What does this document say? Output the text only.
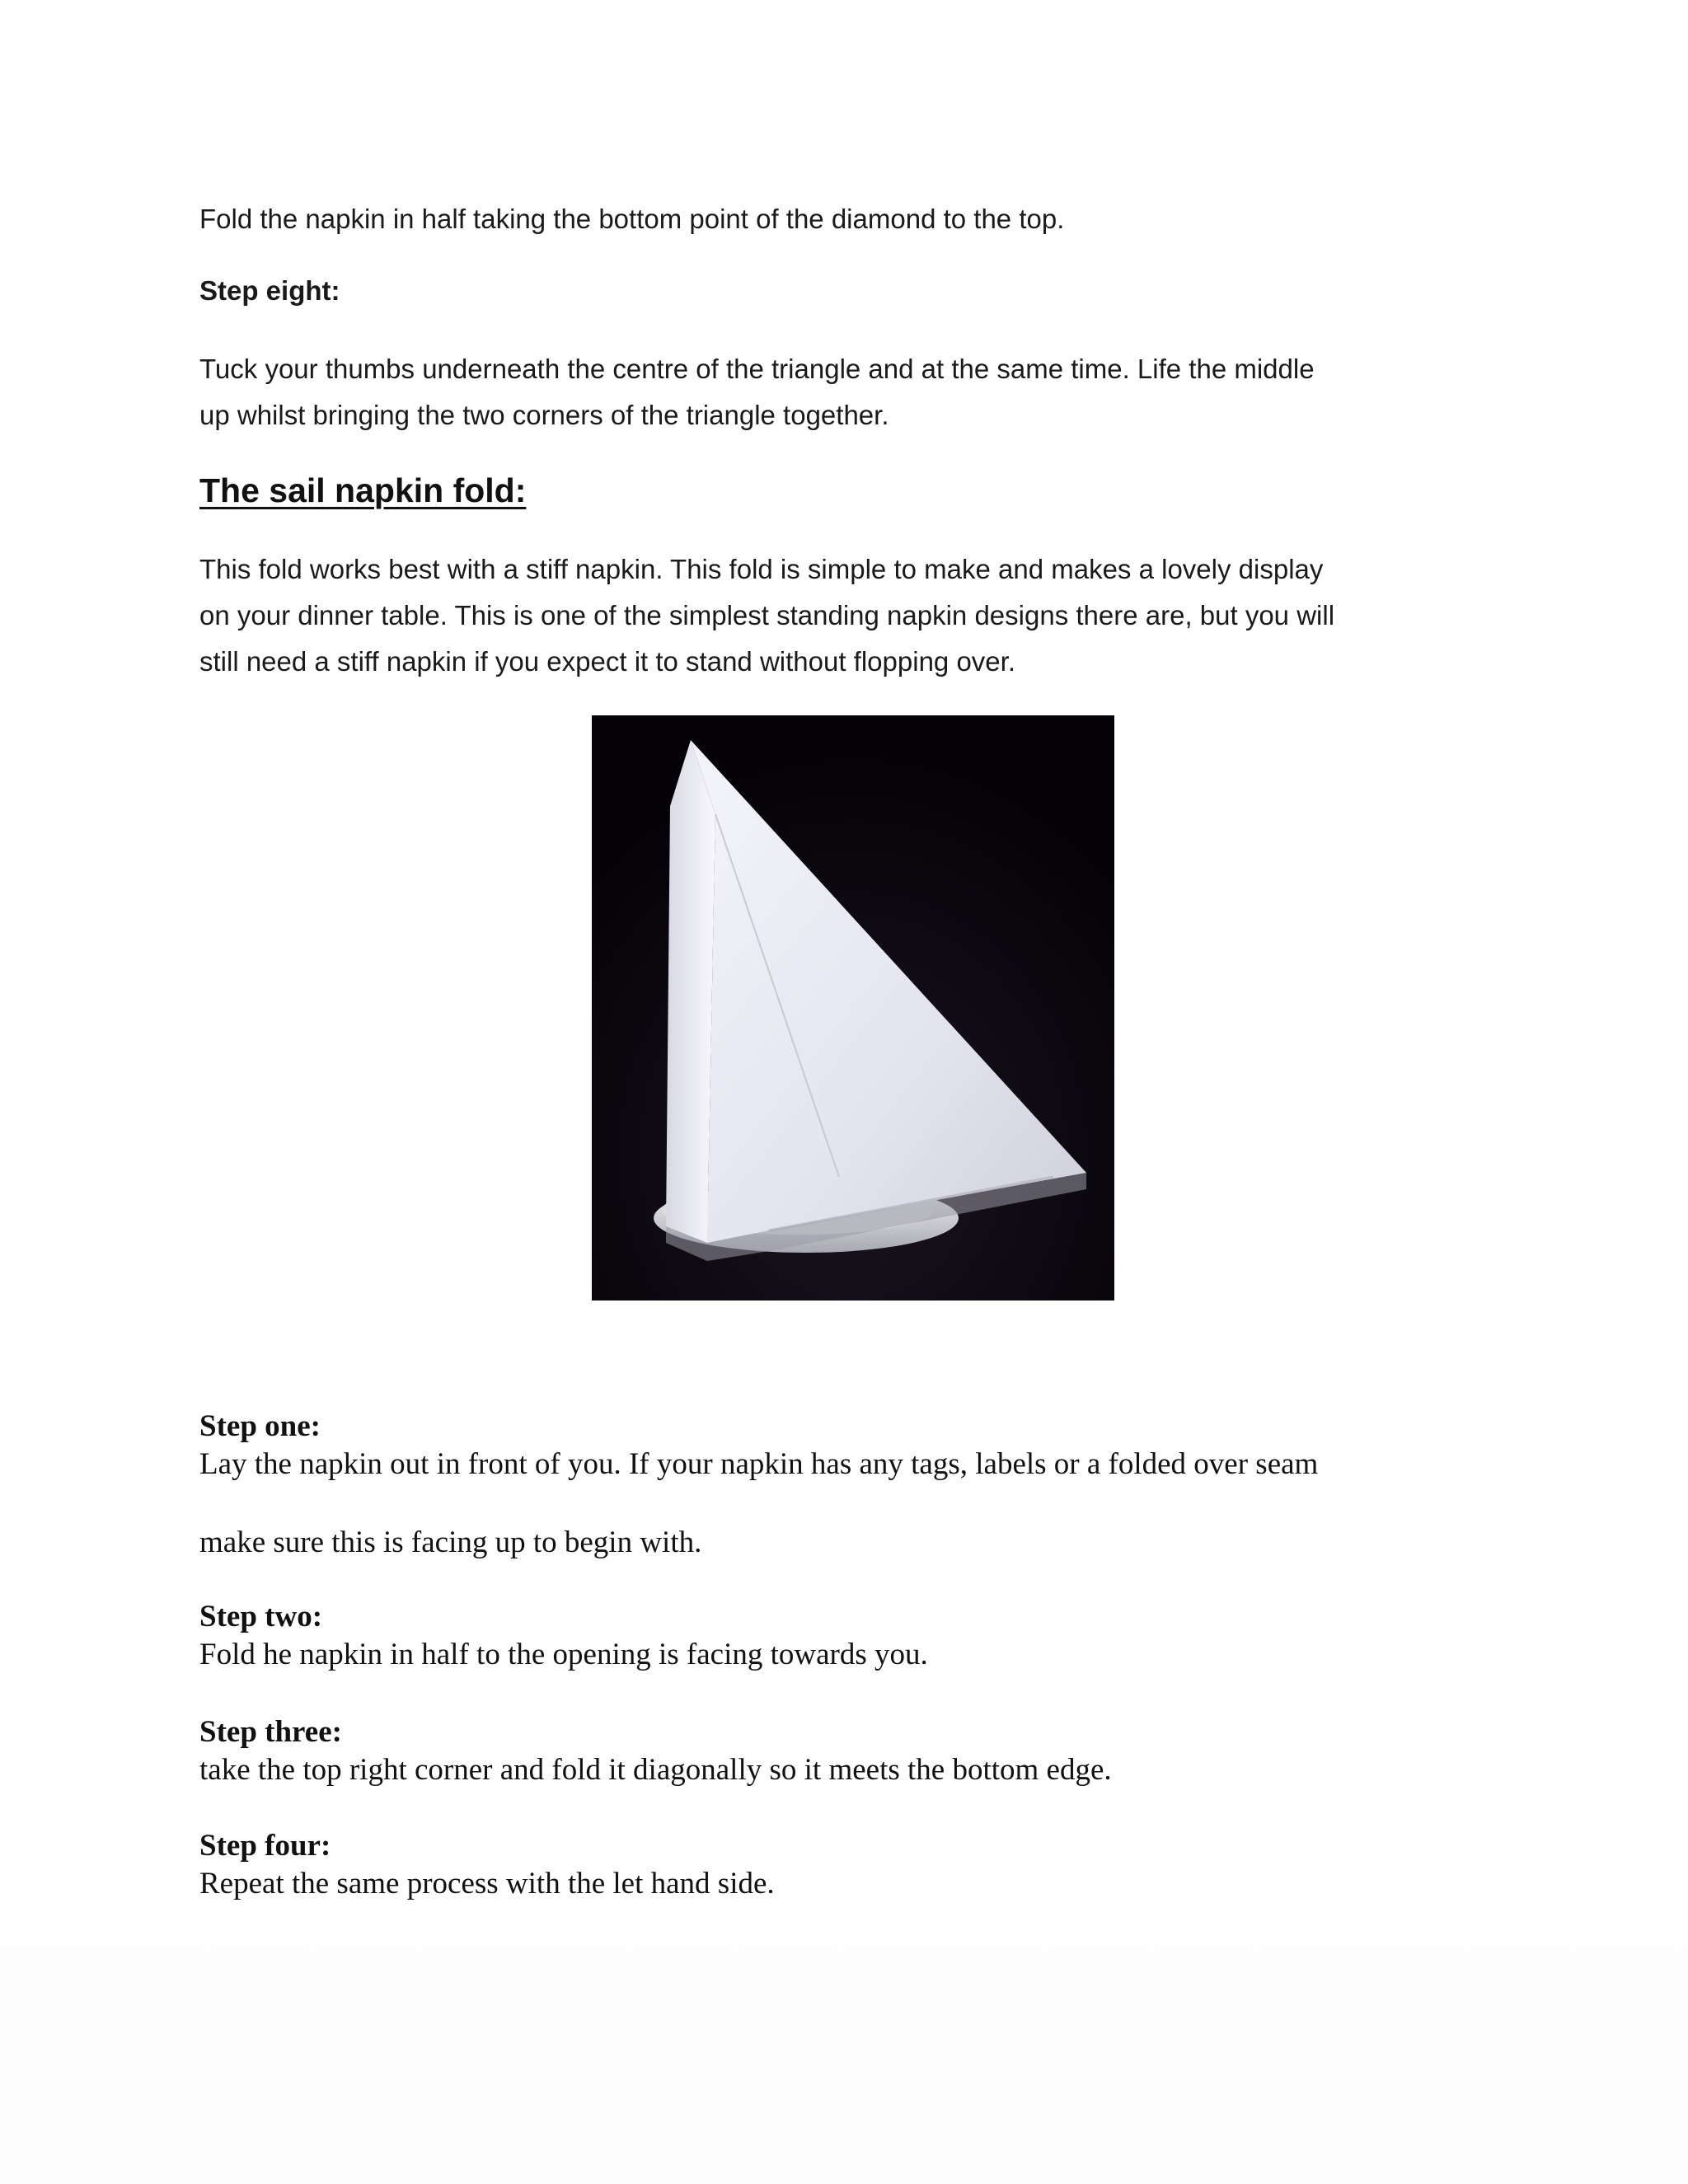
Fold the napkin in half taking the bottom point of the diamond to the top.

Step eight:

Tuck your thumbs underneath the centre of the triangle and at the same time. Life the middle

up whilst bringing the two corners of the triangle together.

The sail napkin fold:

This fold works best with a stiff napkin. This fold is simple to make and makes a lovely display

on your dinner table. This is one of the simplest standing napkin designs there are, but you will

still need a stiff napkin if you expect it to stand without flopping over.

Step one:

Lay the napkin out in front of you. If your napkin has any tags, labels or a folded over seam

make sure this is facing up to begin with.

Step two:

Fold he napkin in half to the opening is facing towards you.

Step three:

take the top right corner and fold it diagonally so it meets the bottom edge.

Step four:

Repeat the same process with the let hand side.
